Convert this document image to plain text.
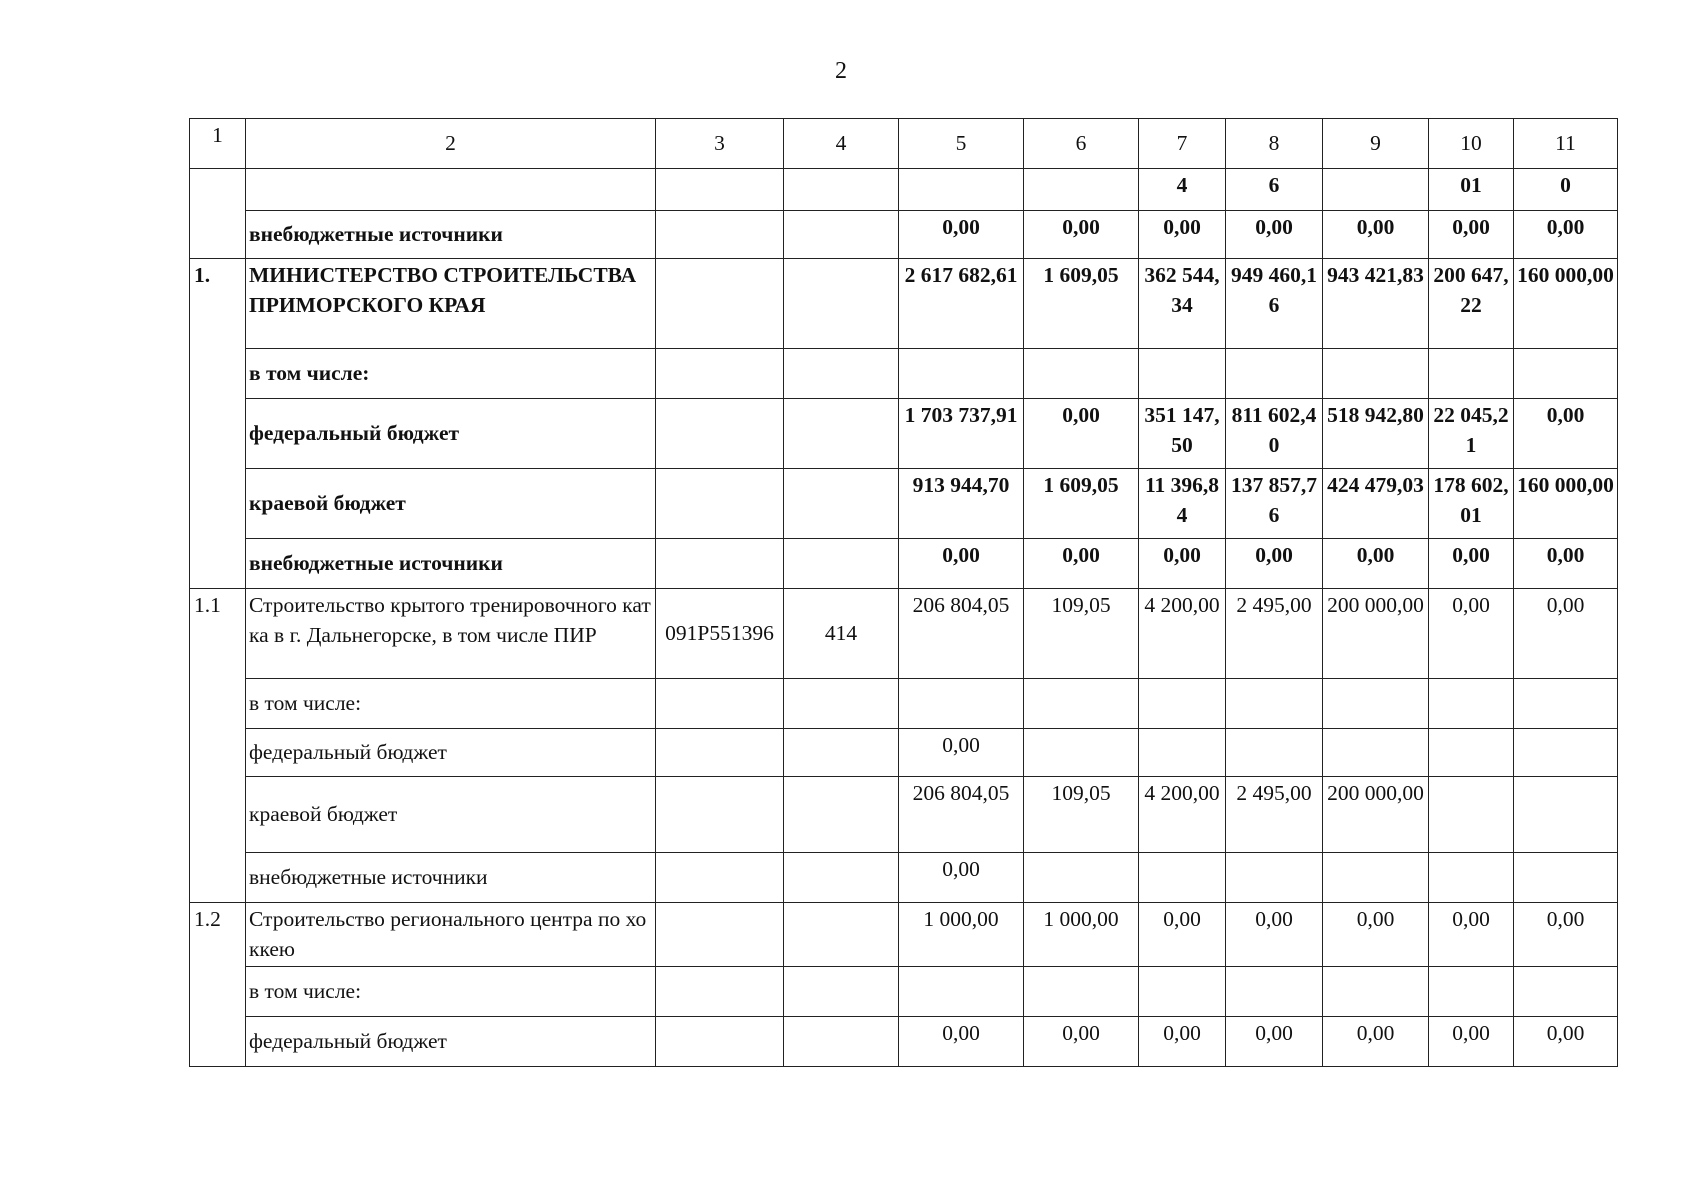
2
1	2	3	4	5	6	7	8	9	10	11
						4	6		01	0
	внебюджетные источники			0,00	0,00	0,00	0,00	0,00	0,00	0,00
1.	МИНИСТЕРСТВО СТРОИТЕЛЬСТВА ПРИМОРСКОГО КРАЯ			2 617 682,61	1 609,05	362 544,34	949 460,16	943 421,83	200 647,22	160 000,00
	в том числе:									
	федеральный бюджет			1 703 737,91	0,00	351 147,50	811 602,40	518 942,80	22 045,21	0,00
	краевой бюджет			913 944,70	1 609,05	11 396,84	137 857,76	424 479,03	178 602,01	160 000,00
	внебюджетные источники			0,00	0,00	0,00	0,00	0,00	0,00	0,00
1.1	Строительство крытого тренировочного катка в г. Дальнегорске, в том числе ПИР	091P551396	414	206 804,05	109,05	4 200,00	2 495,00	200 000,00	0,00	0,00
	в том числе:									
	федеральный бюджет			0,00						
	краевой бюджет			206 804,05	109,05	4 200,00	2 495,00	200 000,00		
	внебюджетные источники			0,00						
1.2	Строительство регионального центра по хоккею			1 000,00	1 000,00	0,00	0,00	0,00	0,00	0,00
	в том числе:									
	федеральный бюджет			0,00	0,00	0,00	0,00	0,00	0,00	0,00
